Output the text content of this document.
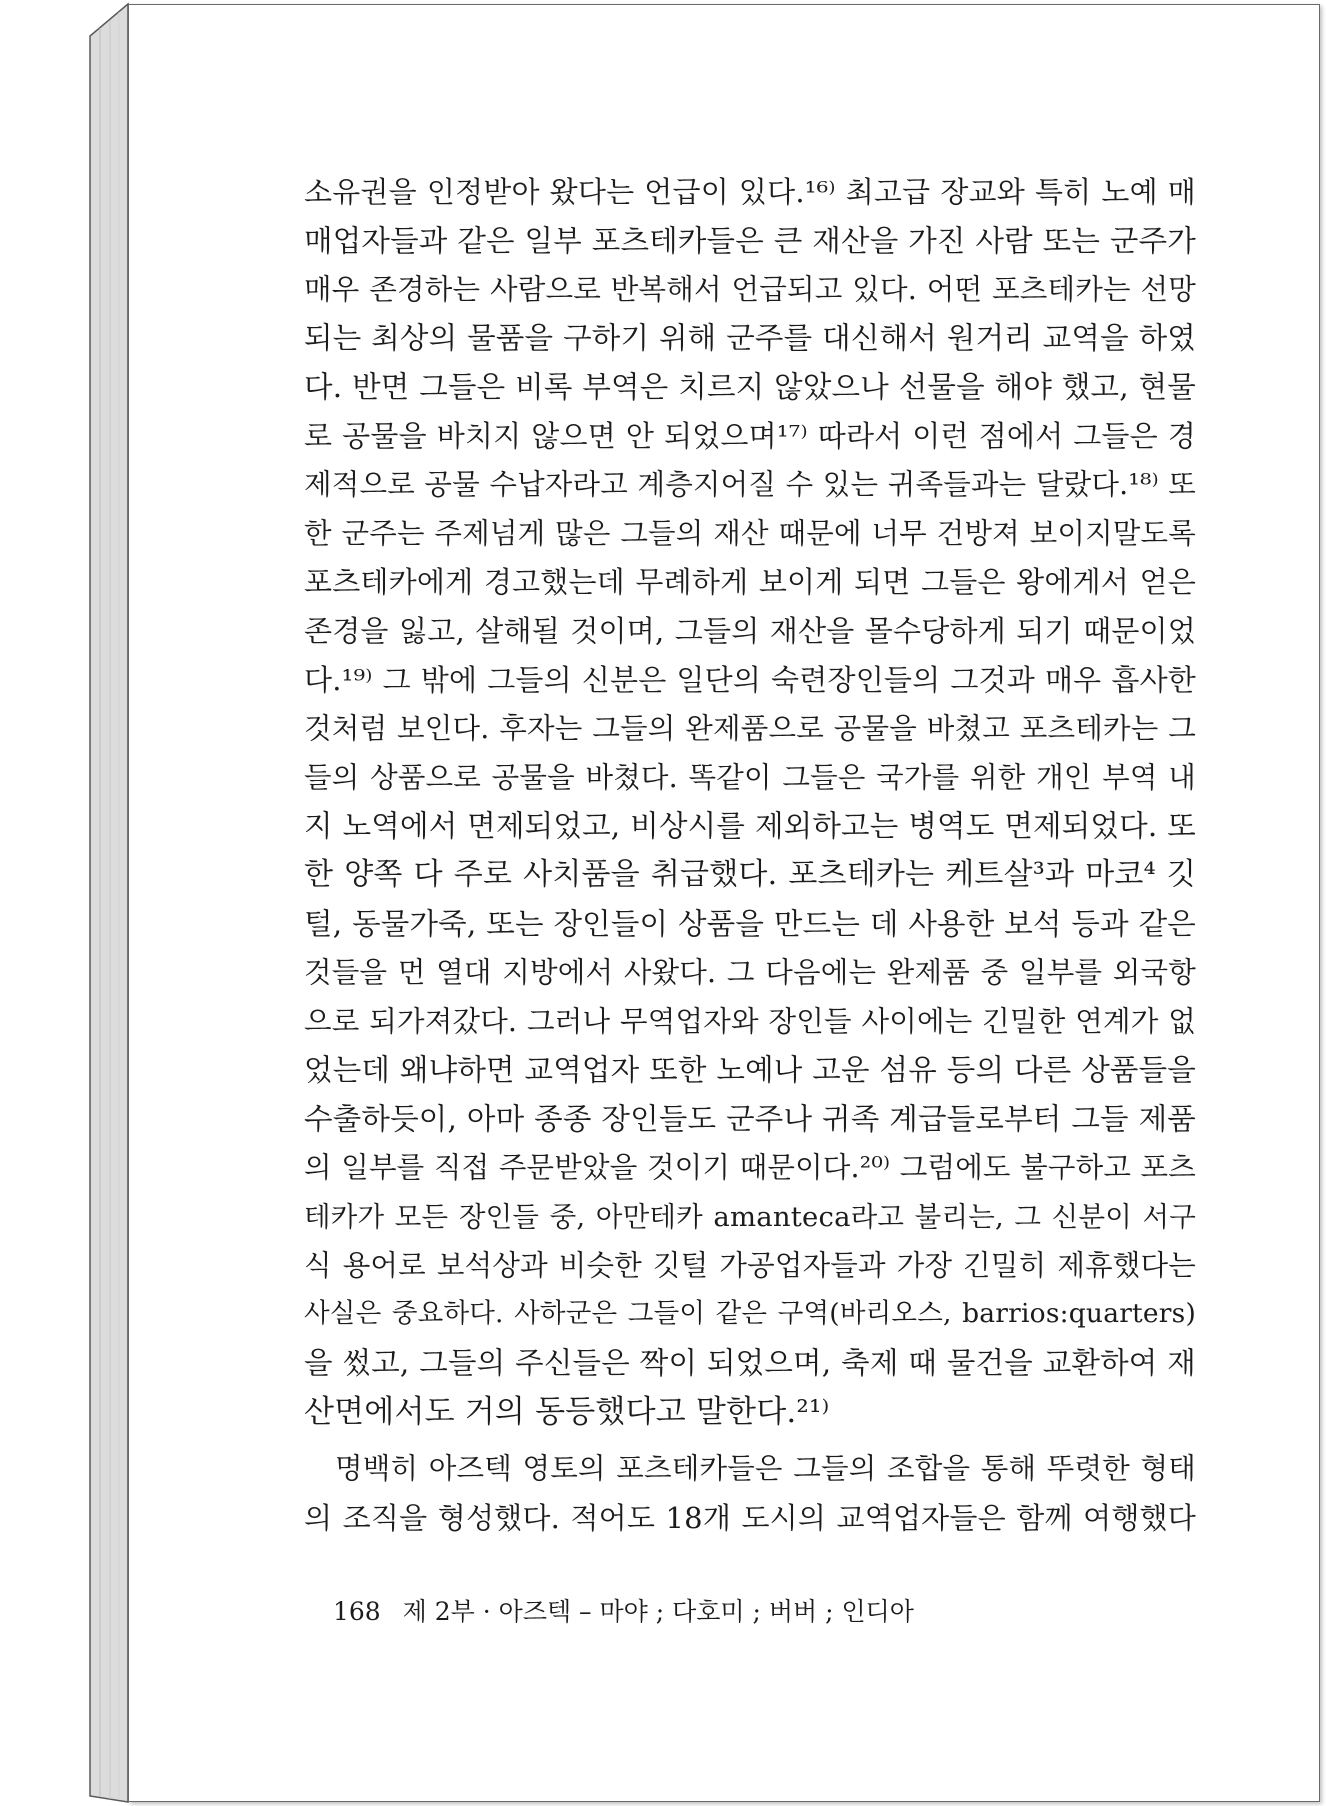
소유권을 인정받아 왔다는 언급이 있다.¹⁶⁾ 최고급 장교와 특히 노예 매
매업자들과 같은 일부 포츠테카들은 큰 재산을 가진 사람 또는 군주가
매우 존경하는 사람으로 반복해서 언급되고 있다. 어떤 포츠테카는 선망
되는 최상의 물품을 구하기 위해 군주를 대신해서 원거리 교역을 하였
다. 반면 그들은 비록 부역은 치르지 않았으나 선물을 해야 했고, 현물
로 공물을 바치지 않으면 안 되었으며¹⁷⁾ 따라서 이런 점에서 그들은 경
제적으로 공물 수납자라고 계층지어질 수 있는 귀족들과는 달랐다.¹⁸⁾ 또
한 군주는 주제넘게 많은 그들의 재산 때문에 너무 건방져 보이지말도록
포츠테카에게 경고했는데 무례하게 보이게 되면 그들은 왕에게서 얻은
존경을 잃고, 살해될 것이며, 그들의 재산을 몰수당하게 되기 때문이었
다.¹⁹⁾ 그 밖에 그들의 신분은 일단의 숙련장인들의 그것과 매우 흡사한
것처럼 보인다. 후자는 그들의 완제품으로 공물을 바쳤고 포츠테카는 그
들의 상품으로 공물을 바쳤다. 똑같이 그들은 국가를 위한 개인 부역 내
지 노역에서 면제되었고, 비상시를 제외하고는 병역도 면제되었다. 또
한 양쪽 다 주로 사치품을 취급했다. 포츠테카는 케트살³과 마코⁴ 깃
털, 동물가죽, 또는 장인들이 상품을 만드는 데 사용한 보석 등과 같은
것들을 먼 열대 지방에서 사왔다. 그 다음에는 완제품 중 일부를 외국항
으로 되가져갔다. 그러나 무역업자와 장인들 사이에는 긴밀한 연계가 없
었는데 왜냐하면 교역업자 또한 노예나 고운 섬유 등의 다른 상품들을
수출하듯이, 아마 종종 장인들도 군주나 귀족 계급들로부터 그들 제품
의 일부를 직접 주문받았을 것이기 때문이다.²⁰⁾ 그럼에도 불구하고 포츠
테카가 모든 장인들 중, 아만테카 amanteca라고 불리는, 그 신분이 서구
식 용어로 보석상과 비슷한 깃털 가공업자들과 가장 긴밀히 제휴했다는
사실은 중요하다. 사하군은 그들이 같은 구역(바리오스, barrios:quarters)
을 썼고, 그들의 주신들은 짝이 되었으며, 축제 때 물건을 교환하여 재
산면에서도 거의 동등했다고 말한다.²¹⁾
명백히 아즈텍 영토의 포츠테카들은 그들의 조합을 통해 뚜렷한 형태
의 조직을 형성했다. 적어도 18개 도시의 교역업자들은 함께 여행했다
168 제 2부 · 아즈텍 – 마야 ; 다호미 ; 버버 ; 인디아
